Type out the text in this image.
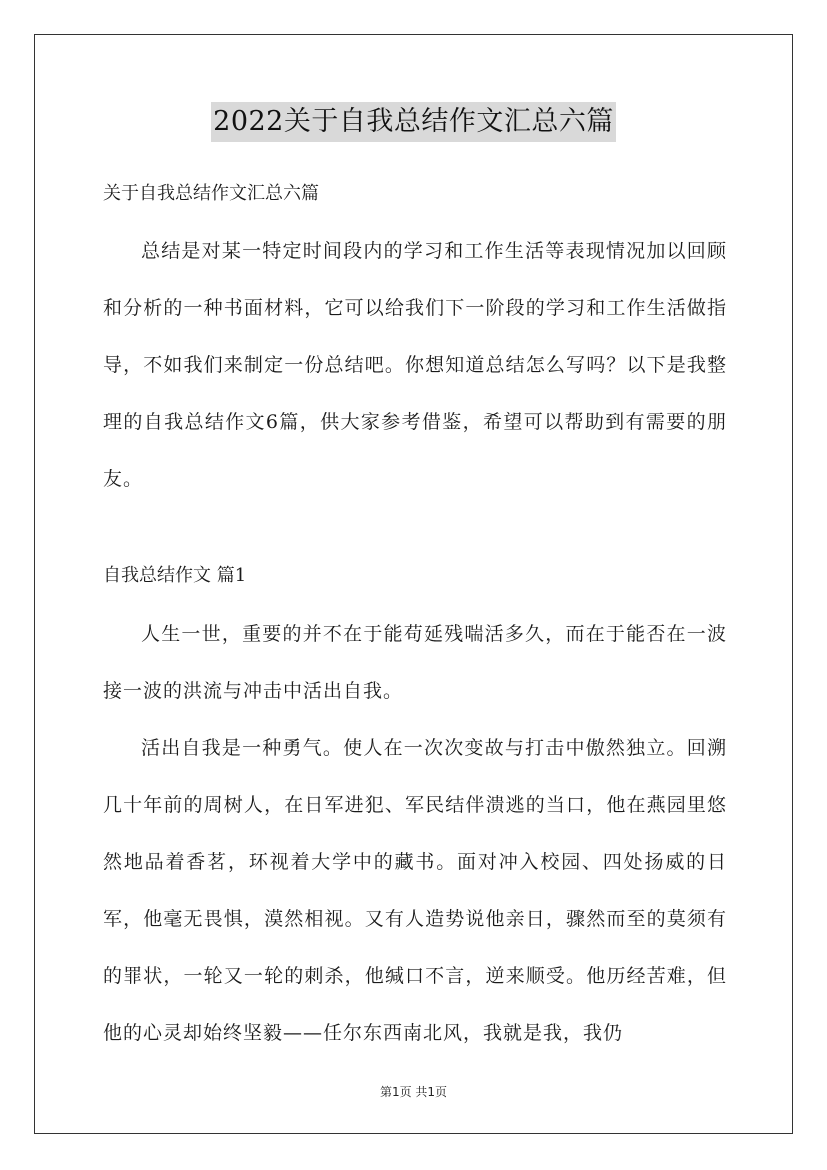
2022关于自我总结作文汇总六篇

关于自我总结作文汇总六篇

总结是对某一特定时间段内的学习和工作生活等表现情况加以回顾和分析的一种书面材料，它可以给我们下一阶段的学习和工作生活做指导，不如我们来制定一份总结吧。你想知道总结怎么写吗？以下是我整理的自我总结作文6篇，供大家参考借鉴，希望可以帮助到有需要的朋友。

自我总结作文 篇1

人生一世，重要的并不在于能苟延残喘活多久，而在于能否在一波接一波的洪流与冲击中活出自我。

活出自我是一种勇气。使人在一次次变故与打击中傲然独立。回溯几十年前的周树人，在日军进犯、军民结伴溃逃的当口，他在燕园里悠然地品着香茗，环视着大学中的藏书。面对冲入校园、四处扬威的日军，他毫无畏惧，漠然相视。又有人造势说他亲日，骤然而至的莫须有的罪状，一轮又一轮的刺杀，他缄口不言，逆来顺受。他历经苦难，但他的心灵却始终坚毅——任尔东西南北风，我就是我，我仍

第1页 共1页
